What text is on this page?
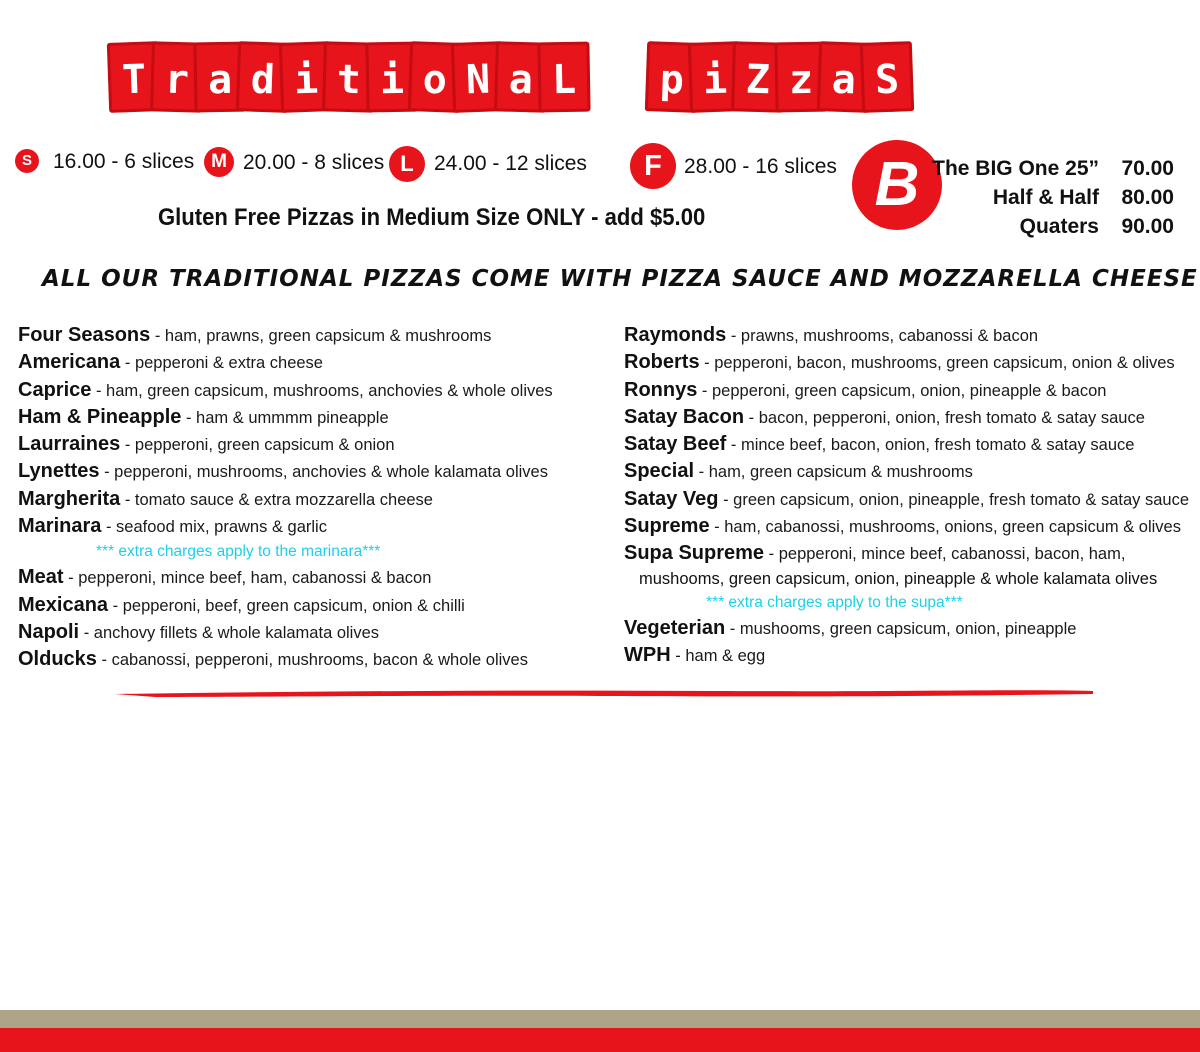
T r a d i t i o N a L	p i Z z a S
S	16.00 - 6 slices M 20.00 - 8 slices L 24.00 - 12 slices	F	28.00 - 16 slices B The BIG One 25” 70.00
Half & Half 80.00
Quaters 90.00
Gluten Free Pizzas in Medium Size ONLY - add $5.00
ALL OUR TRADITIONAL PIZZAS COME WITH PIZZA SAUCE AND MOZZARELLA CHEESE
Four Seasons - ham, prawns, green capsicum & mushrooms
Americana - pepperoni & extra cheese
Caprice - ham, green capsicum, mushrooms, anchovies & whole olives
Ham & Pineapple - ham & ummmm pineapple
Laurraines - pepperoni, green capsicum & onion
Lynettes - pepperoni, mushrooms, anchovies & whole kalamata olives
Margherita - tomato sauce & extra mozzarella cheese
Marinara - seafood mix, prawns & garlic
*** extra charges apply to the marinara***
Meat - pepperoni, mince beef, ham, cabanossi & bacon
Mexicana - pepperoni, beef, green capsicum, onion & chilli
Napoli - anchovy fillets & whole kalamata olives
Olducks - cabanossi, pepperoni, mushrooms, bacon & whole olives
Raymonds - prawns, mushrooms, cabanossi & bacon
Roberts - pepperoni, bacon, mushrooms, green capsicum, onion & olives
Ronnys - pepperoni, green capsicum, onion, pineapple & bacon
Satay Bacon - bacon, pepperoni, onion, fresh tomato & satay sauce
Satay Beef - mince beef, bacon, onion, fresh tomato & satay sauce
Special - ham, green capsicum & mushrooms
Satay Veg - green capsicum, onion, pineapple, fresh tomato & satay sauce
Supreme - ham, cabanossi, mushrooms, onions, green capsicum & olives
Supa Supreme - pepperoni, mince beef, cabanossi, bacon, ham,
mushooms, green capsicum, onion, pineapple & whole kalamata olives
*** extra charges apply to the supa***
Vegeterian - mushooms, green capsicum, onion, pineapple
WPH - ham & egg
